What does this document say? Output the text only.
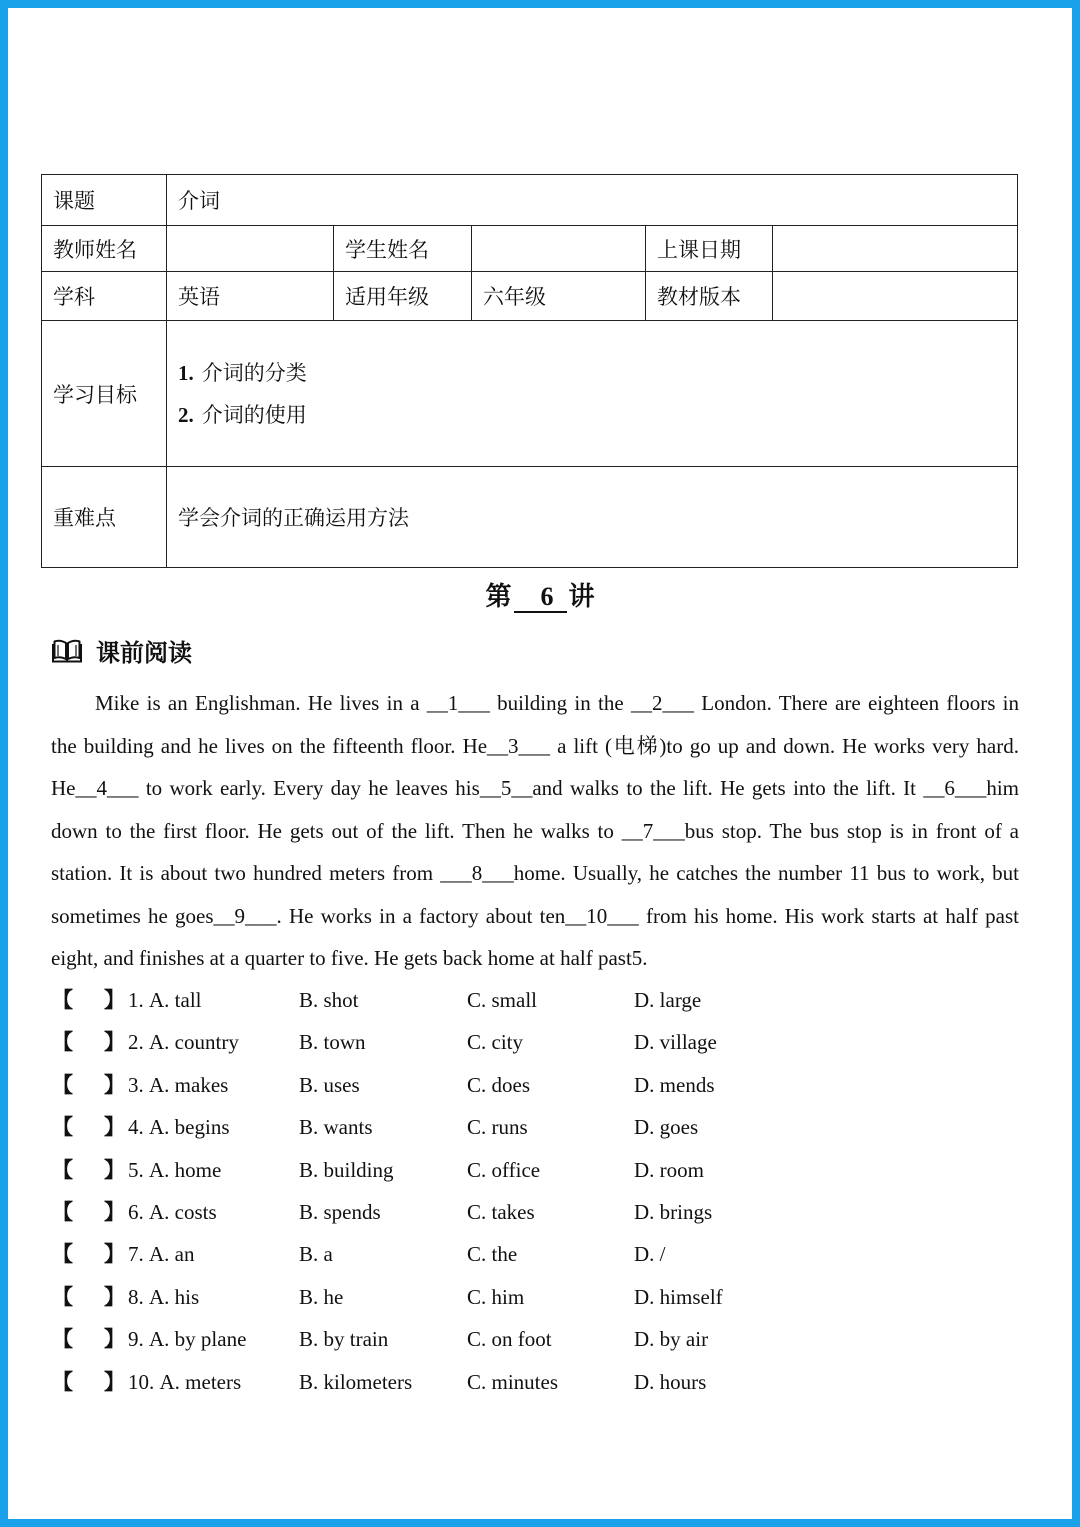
课题	介词				
教师姓名		学生姓名		上课日期	
学科	英语	适用年级	六年级	教材版本	
学习目标	1. 介词的分类
2. 介词的使用				

重难点	学会介词的正确运用方法				
第 6 讲
课前阅读
Mike is an Englishman. He lives in a __1___ building in the __2___ London. There are eighteen floors in
the building and he lives on the fifteenth floor. He__3___ a lift (电梯)to go up and down. He works very hard.
He__4___ to work early. Every day he leaves his__5__and walks to the lift. He gets into the lift. It __6___him
down to the first floor. He gets out of the lift. Then he walks to __7___bus stop. The bus stop is in front of a
station. It is about two hundred meters from ___8___home. Usually, he catches the number 11 bus to work, but
sometimes he goes__9___. He works in a factory about ten__10___ from his home. His work starts at half past
eight, and finishes at a quarter to five. He gets back home at half past5.
【 】 1. A. tall	B. shot	C. small	D. large
【 】 2. A. country	B. town	C. city	D. village
【 】 3. A. makes	B. uses	C. does	D. mends
【 】 4. A. begins	B. wants	C. runs	D. goes
【 】 5. A. home	B. building	C. office	D. room
【 】 6. A. costs	B. spends	C. takes	D. brings
【 】 7. A. an	B. a	C. the	D. /
【 】 8. A. his	B. he	C. him	D. himself
【 】 9. A. by plane	B. by train	C. on foot	D. by air
【 】 10. A. meters	B. kilometers	C. minutes	D. hours
